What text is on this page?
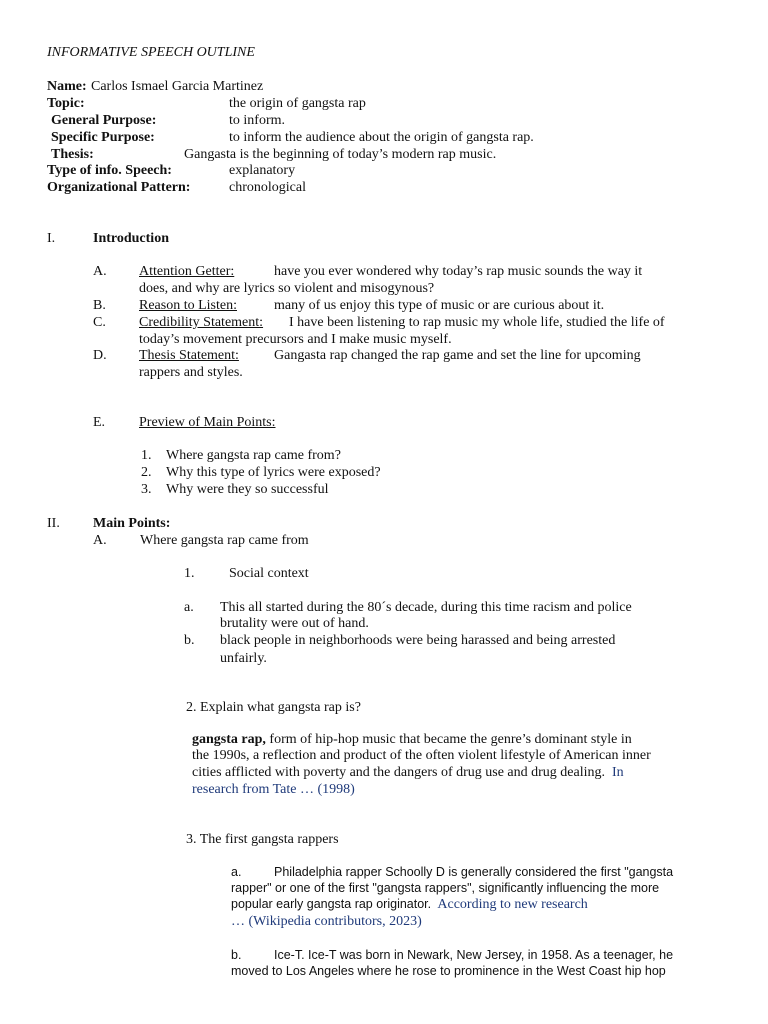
INFORMATIVE SPEECH OUTLINE
Name: Carlos Ismael Garcia Martinez
Topic:	the origin of gangsta rap
General Purpose:	to inform.
Specific Purpose:	to inform the audience about the origin of gangsta rap.
Thesis:	Gangasta is the beginning of today’s modern rap music.
Type of info. Speech:	explanatory
Organizational Pattern:	chronological
I.	Introduction
A. Attention Getter:	have you ever wondered why today’s rap music sounds the way it
does, and why are lyrics so violent and misogynous?
B. Reason to Listen:	many of us enjoy this type of music or are curious about it.
C. Credibility Statement: I have been listening to rap music my whole life, studied the life of
today’s movement precursors and I make music myself.
D. Thesis Statement:	Gangasta rap changed the rap game and set the line for upcoming
rappers and styles.
E. Preview of Main Points:
1. Where gangsta rap came from?
2. Why this type of lyrics were exposed?
3. Why were they so successful
II. Main Points:
A. Where gangsta rap came from
1. Social context
a. This all started during the 80´s decade, during this time racism and police
brutality were out of hand.
b. black people in neighborhoods were being harassed and being arrested
unfairly.
2. Explain what gangsta rap is?
gangsta rap, form of hip-hop music that became the genre’s dominant style in
the 1990s, a reflection and product of the often violent lifestyle of American inner
cities afflicted with poverty and the dangers of drug use and drug dealing. In
research from Tate … (1998)
3. The first gangsta rappers
a.	Philadelphia rapper Schoolly D is generally considered the first "gangsta
rapper" or one of the first "gangsta rappers", significantly influencing the more
popular early gangsta rap originator. According to new research
… (Wikipedia contributors, 2023)
b.	Ice-T. Ice-T was born in Newark, New Jersey, in 1958. As a teenager, he
moved to Los Angeles where he rose to prominence in the West Coast hip hop
